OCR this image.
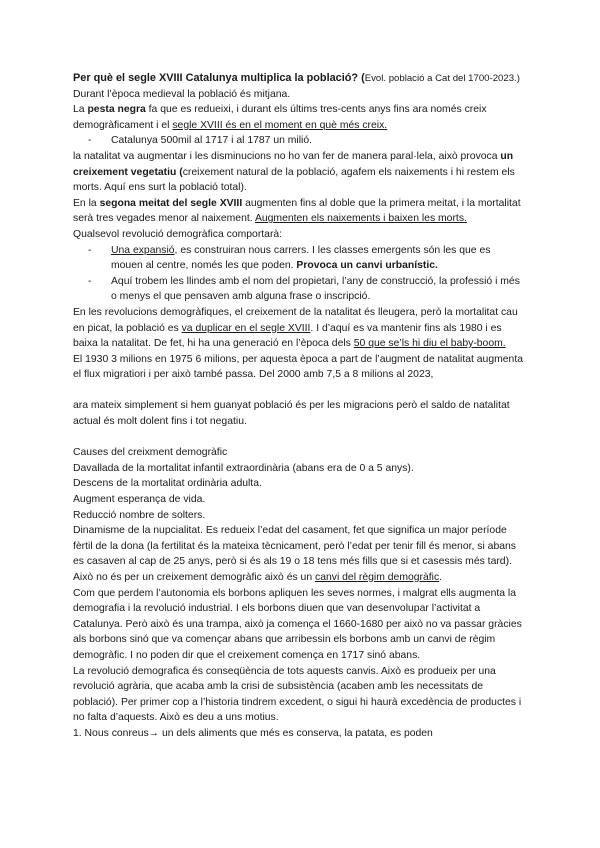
Per què el segle XVIII Catalunya multiplica la població? (Evol. població a Cat del 1700-2023.)

Durant l’època medieval la població és mitjana.

La pesta negra fa que es redueixi, i durant els últims tres-cents anys fins ara només creix demogràficament i el segle XVIII és en el moment en què més creix.

- Catalunya 500mil al 1717 i al 1787 un milió.

la natalitat va augmentar i les disminucions no ho van fer de manera paral·lela, això provoca un creixement vegetatiu (creixement natural de la població, agafem els naixements i hi restem els morts. Aquí ens surt la població total).

En la segona meitat del segle XVIII augmenten fins al doble que la primera meitat, i la mortalitat serà tres vegades menor al naixement. Augmenten els naixements i baixen les morts.

Qualsevol revolució demogràfica comportarà:

- Una expansió, es construiran nous carrers. I les classes emergents són les que es mouen al centre, només les que poden. Provoca un canvi urbanístic.
- Aquí trobem les llindes amb el nom del propietari, l’any de construcció, la professió i més o menys el que pensaven amb alguna frase o inscripció.

En les revolucions demogràfiques, el creixement de la natalitat és lleugera, però la mortalitat cau en picat, la població es va duplicar en el segle XVIII. I d’aquí es va mantenir fins als 1980 i es baixa la natalitat. De fet, hi ha una generació en l’època dels 50 que se’ls hi diu el baby-boom.

El 1930 3 milions en 1975 6 milions, per aquesta època a part de l’augment de natalitat augmenta el flux migratiori i per això també passa. Del 2000 amb 7,5 a 8 milions al 2023,

ara mateix simplement si hem guanyat població és per les migracions però el saldo de natalitat actual és molt dolent fins i tot negatiu.

Causes del creixment demogràfic

Davallada de la mortalitat infantil extraordinària (abans era de 0 a 5 anys).

Descens de la mortalitat ordinària adulta.

Augment esperança de vida.

Reducció nombre de solters.

Dinamisme de la nupcialitat. Es redueix l’edat del casament, fet que significa un major període fèrtil de la dona (la fertilitat és la mateixa tècnicament, però l’edat per tenir fill és menor, si abans es casaven al cap de 25 anys, però si és als 19 o 18 tens més fills que si et casessis més tard).

Això no és per un creixement demogràfic això és un canvi del règim demogràfic.

Com que perdem l’autonomia els borbons apliquen les seves normes, i malgrat ells augmenta la demografia i la revolució industrial. I els borbons diuen que van desenvolupar l’activitat a Catalunya. Però això és una trampa, això ja comença el 1660-1680 per això no va passar gràcies als borbons sinó que va començar abans que arribessin els borbons amb un canvi de règim demogràfic. I no poden dir que el creixement comença en 1717 sinó abans.

La revolució demografica és conseqüència de tots aquests canvis. Això es produeix per una revolució agrària, que acaba amb la crisi de subsistència (acaben amb les necessitats de població). Per primer cop a l’historia tindrem excedent, o sigui hi haurà excedència de productes i no falta d’aquests. Això es deu a uns motius.

1. Nous conreus→ un dels aliments que més es conserva, la patata, es poden
